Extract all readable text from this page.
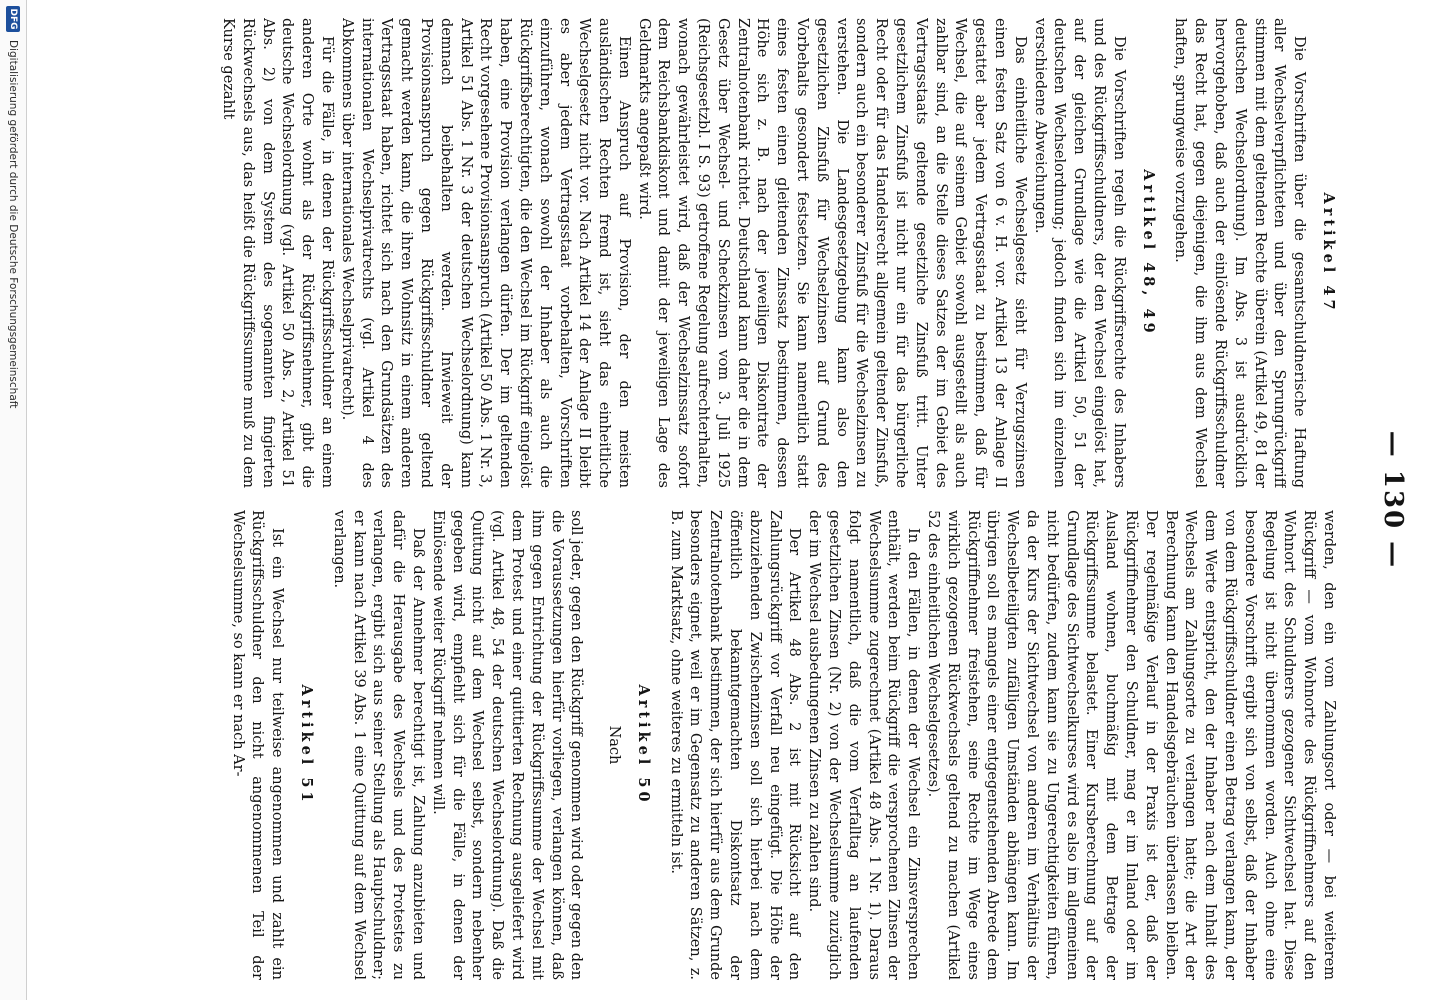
— 130 —
Artikel 47

Die Vorschriften über die gesamtschuldnerische Haftung aller Wechselverpflichteten und über den Sprungrückgriff stimmen mit dem geltenden Rechte überein (Artikel 49, 81 der deutschen Wechselordnung). Im Abs. 3 ist ausdrücklich hervorgehoben, daß auch der einlösende Rückgriffsschuldner das Recht hat, gegen diejenigen, die ihm aus dem Wechsel haften, sprungweise vorzugehen.

Artikel 48, 49

Die Vorschriften regeln die Rückgriffsrechte des Inhabers und des Rückgriffsschuldners, der den Wechsel eingelöst hat, auf der gleichen Grundlage wie die Artikel 50, 51 der deutschen Wechselordnung; jedoch finden sich im einzelnen verschiedene Abweichungen.

Das einheitliche Wechselgesetz sieht für Verzugszinsen einen festen Satz von 6 v. H. vor. Artikel 13 der Anlage II gestattet aber jedem Vertragsstaat zu bestimmen, daß für Wechsel, die auf seinem Gebiet sowohl ausgestellt als auch zahlbar sind, an die Stelle dieses Satzes der im Gebiet des Vertragsstaats geltende gesetzliche Zinsfuß tritt. Unter gesetzlichem Zinsfuß ist nicht nur ein für das bürgerliche Recht oder für das Handelsrecht allgemein geltender Zinsfuß, sondern auch ein besonderer Zinsfuß für die Wechselzinsen zu verstehen. Die Landesgesetzgebung kann also den gesetzlichen Zinsfuß für Wechselzinsen auf Grund des Vorbehalts gesondert festsetzen. Sie kann namentlich statt eines festen einen gleitenden Zinssatz bestimmen, dessen Höhe sich z. B. nach der jeweiligen Diskontrate der Zentralnotenbank richtet. Deutschland kann daher die in dem Gesetz über Wechsel- und Scheckzinsen vom 3. Juli 1925 (Reichsgesetzbl. I S. 93) getroffene Regelung aufrechterhalten, wonach gewährleistet wird, daß der Wechselzinssatz sofort dem Reichsbankdiskont und damit der jeweiligen Lage des Geldmarkts angepaßt wird.

Einen Anspruch auf Provision, der den meisten ausländischen Rechten fremd ist, sieht das einheitliche Wechselgesetz nicht vor. Nach Artikel 14 der Anlage II bleibt es aber jedem Vertragsstaat vorbehalten, Vorschriften einzuführen, wonach sowohl der Inhaber als auch die Rückgriffsberechtigten, die den Wechsel im Rückgriff eingelöst haben, eine Provision verlangen dürfen. Der im geltenden Recht vorgesehene Provisionsanspruch (Artikel 50 Abs. 1 Nr. 3, Artikel 51 Abs. 1 Nr. 3 der deutschen Wechselordnung) kann demnach beibehalten werden. Inwieweit der Provisionsanspruch gegen Rückgriffsschuldner geltend gemacht werden kann, die ihren Wohnsitz in einem anderen Vertragsstaat haben, richtet sich nach den Grundsätzen des internationalen Wechselprivatrechts (vgl. Artikel 4 des Abkommens über internationales Wechselprivatrecht).

Für die Fälle, in denen der Rückgriffsschuldner an einem anderen Orte wohnt als der Rückgriffsnehmer, gibt die deutsche Wechselordnung (vgl. Artikel 50 Abs. 2, Artikel 51 Abs. 2) von dem System des sogenannten fingierten Rückwechsels aus, das heißt die Rückgriffssumme muß zu dem Kurse gezahlt

werden, den ein vom Zahlungsort oder — bei weiterem Rückgriff — vom Wohnorte des Rückgriffnehmers auf den Wohnort des Schuldners gezogener Sichtwechsel hat. Diese Regelung ist nicht übernommen worden. Auch ohne eine besondere Vorschrift ergibt sich von selbst, daß der Inhaber von dem Rückgriffsschuldner einen Betrag verlangen kann, der dem Werte entspricht, den der Inhaber nach dem Inhalt des Wechsels am Zahlungsorte zu verlangen hatte; die Art der Berechnung kann den Handelsgebräuchen überlassen bleiben. Der regelmäßige Verlauf in der Praxis ist der, daß der Rückgriffnehmer den Schuldner, mag er im Inland oder im Ausland wohnen, buchmäßig mit dem Betrage der Rückgriffssumme belastet. Einer Kursberechnung auf der Grundlage des Sichtwechselkurses wird es also im allgemeinen nicht bedürfen, zudem kann sie zu Ungerechtigkeiten führen, da der Kurs der Sichtwechsel von anderen im Verhältnis der Wechselbeteiligten zufälligen Umständen abhängen kann. Im übrigen soll es mangels einer entgegenstehenden Abrede dem Rückgriffnehmer freistehen, seine Rechte im Wege eines wirklich gezogenen Rückwechsels geltend zu machen (Artikel 52 des einheitlichen Wechselgesetzes).

In den Fällen, in denen der Wechsel ein Zinsversprechen enthält, werden beim Rückgriff die versprochenen Zinsen der Wechselsumme zugerechnet (Artikel 48 Abs. 1 Nr. 1). Daraus folgt namentlich, daß die vom Verfalltag an laufenden gesetzlichen Zinsen (Nr. 2) von der Wechselsumme zuzüglich der im Wechsel ausbedungenen Zinsen zu zahlen sind.

Der Artikel 48 Abs. 2 ist mit Rücksicht auf den Zahlungsrückgriff vor Verfall neu eingefügt. Die Höhe der abzuziehenden Zwischenzinsen soll sich hierbei nach dem öffentlich bekanntgemachten Diskontsatz der Zentralnotenbank bestimmen, der sich hierfür aus dem Grunde besonders eignet, weil er im Gegensatz zu anderen Sätzen, z. B. zum Marktsatz, ohne weiteres zu ermitteln ist.

Artikel 50

Nach

soll jeder, gegen den Rückgriff genommen wird oder gegen den die Voraussetzungen hierfür vorliegen, verlangen können, daß ihm gegen Entrichtung der Rückgriffssumme der Wechsel mit dem Protest und einer quittierten Rechnung ausgeliefert wird (vgl. Artikel 48, 54 der deutschen Wechselordnung). Daß die Quittung nicht auf dem Wechsel selbst, sondern nebenher gegeben wird, empfiehlt sich für die Fälle, in denen der Einlösende weiter Rückgriff nehmen will.

Daß der Annehmer berechtigt ist, Zahlung anzubieten und dafür die Herausgabe des Wechsels und des Protestes zu verlangen, ergibt sich aus seiner Stellung als Hauptschuldner; er kann nach Artikel 39 Abs. 1 eine Quittung auf dem Wechsel verlangen.

Artikel 51

Ist ein Wechsel nur teilweise angenommen und zahlt ein Rückgriffsschuldner den nicht angenommenen Teil der Wechselsumme, so kann er nach Ar-

DFG
Digitalisierung gefördert durch die Deutsche Forschungsgemeinschaft
